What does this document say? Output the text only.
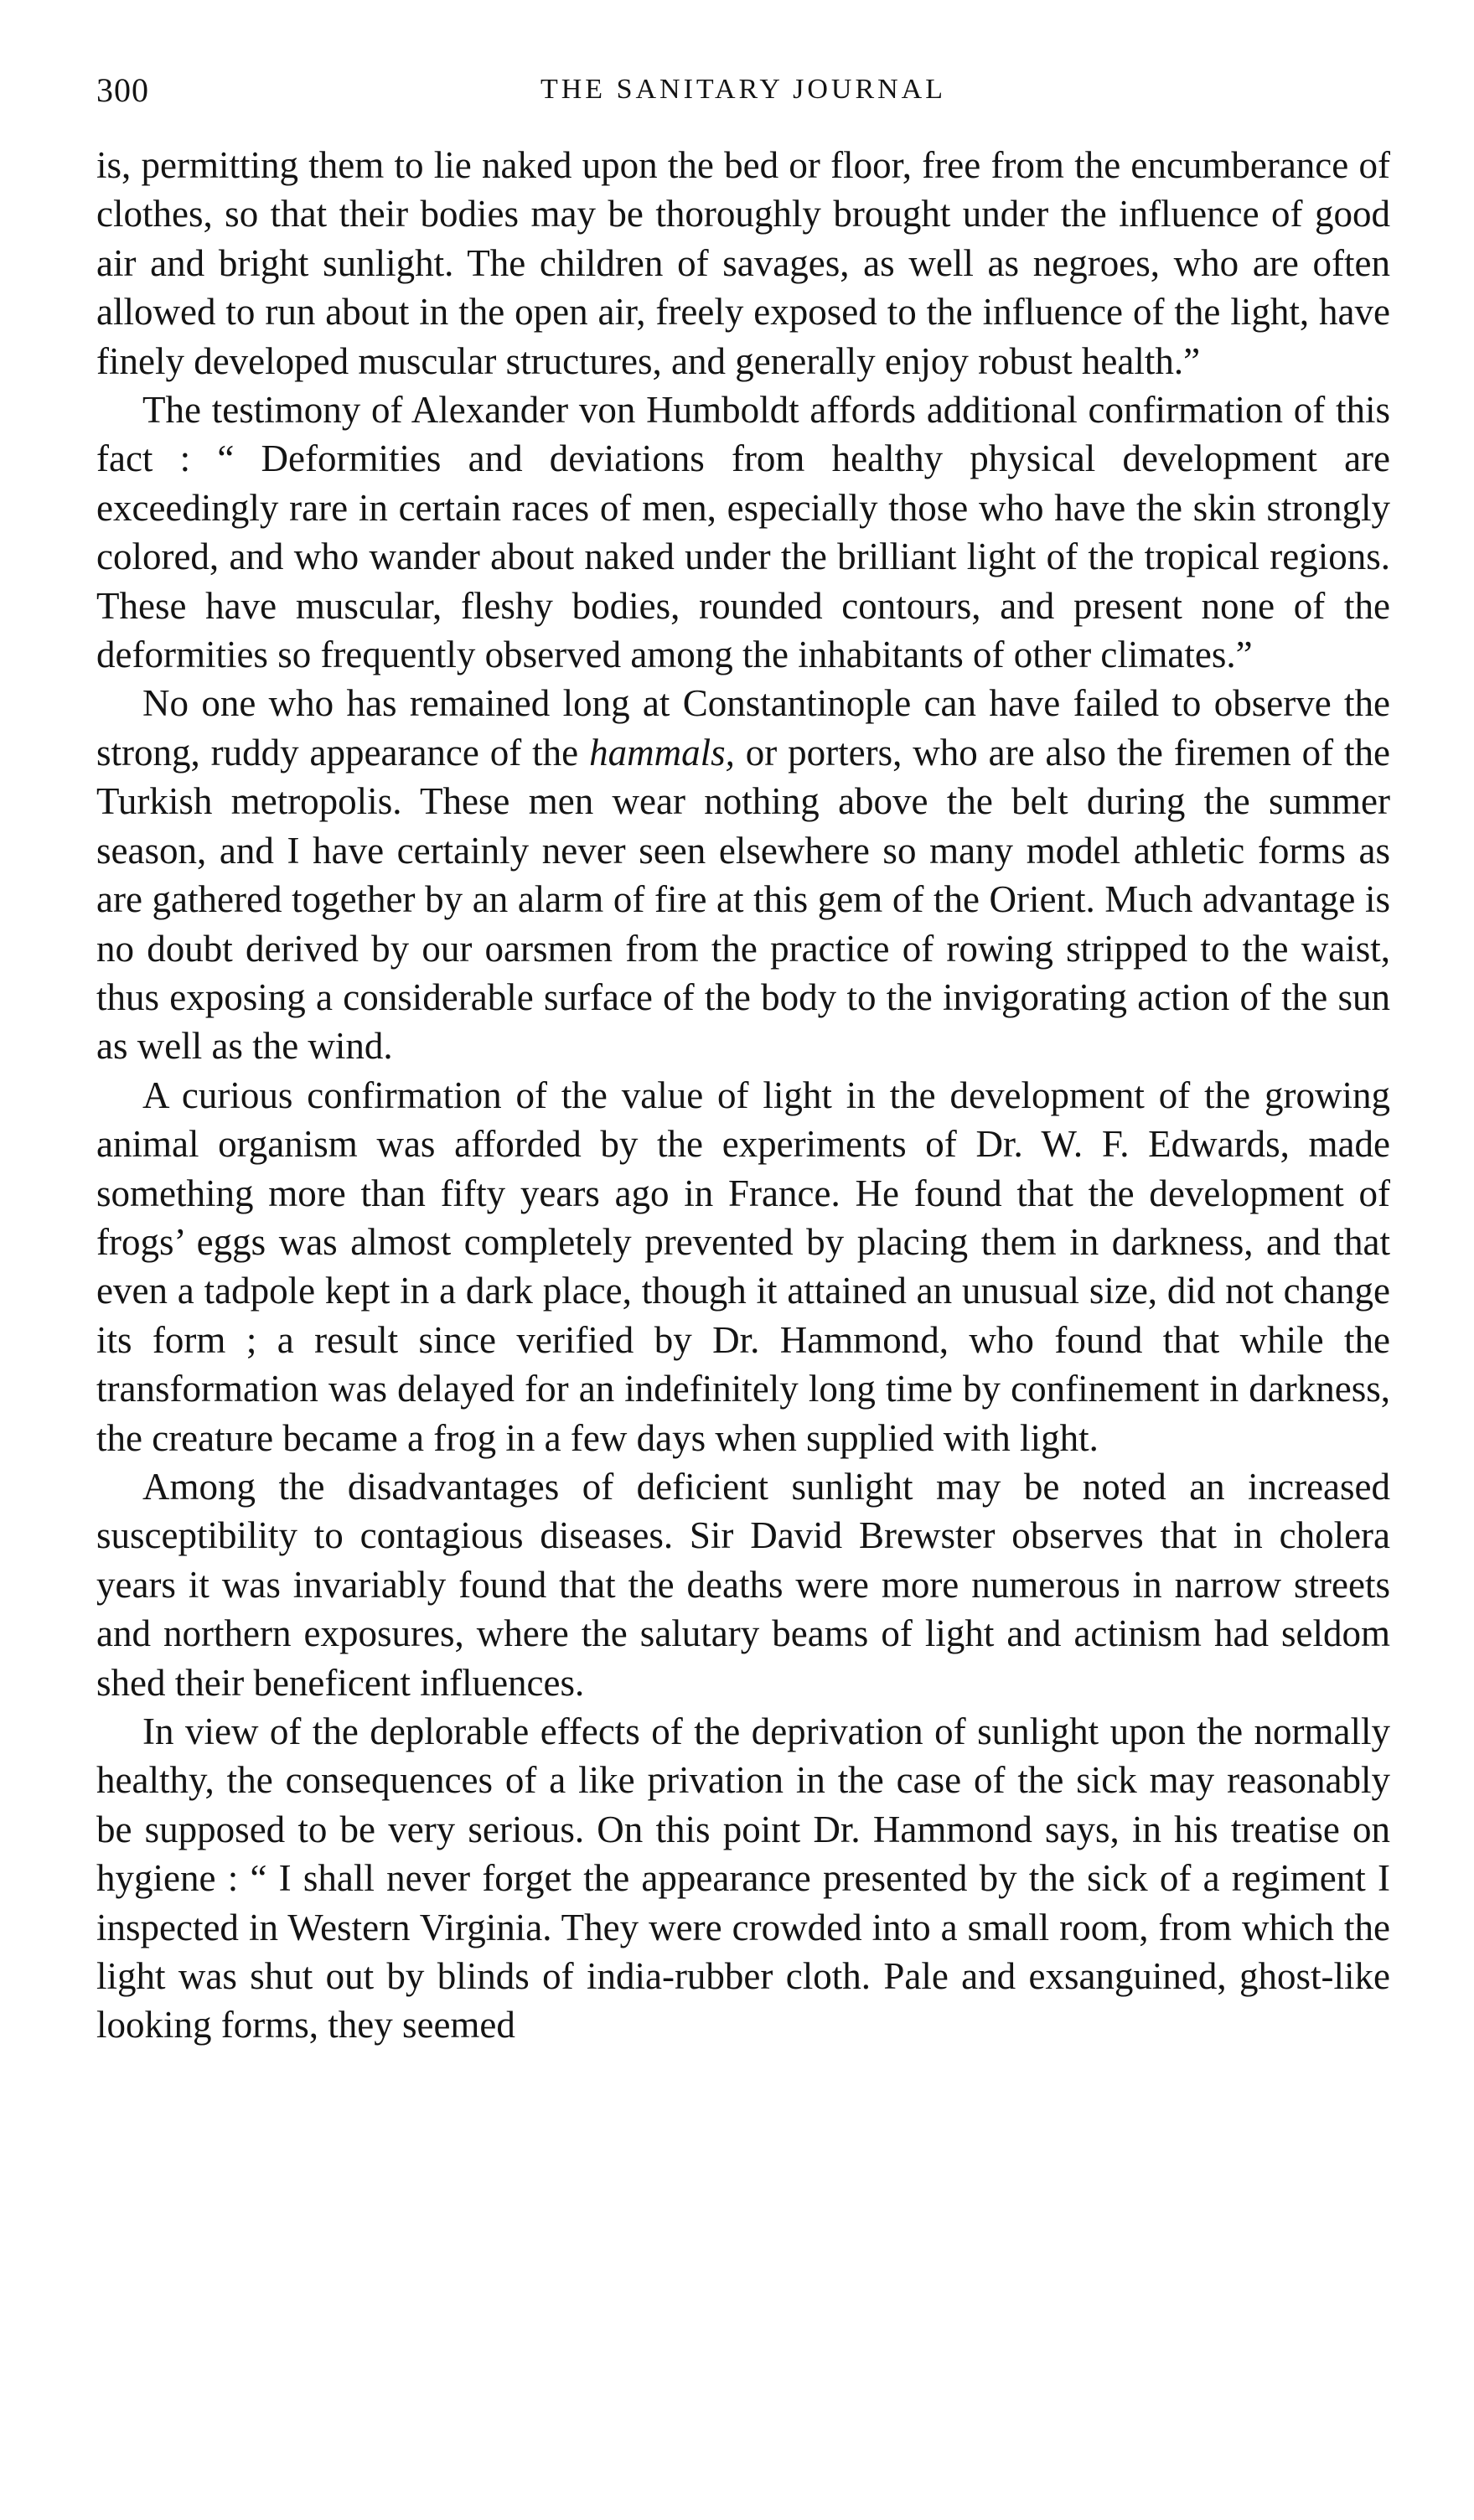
300	THE SANITARY JOURNAL

is, permitting them to lie naked upon the bed or floor, free from the encumberance of clothes, so that their bodies may be thoroughly brought under the influence of good air and bright sunlight. The children of savages, as well as negroes, who are often allowed to run about in the open air, freely exposed to the influence of the light, have finely developed muscular structures, and generally enjoy robust health.”

The testimony of Alexander von Humboldt affords additional confirmation of this fact : “ Deformities and deviations from healthy physical development are exceedingly rare in certain races of men, especially those who have the skin strongly colored, and who wander about naked under the brilliant light of the tropical regions. These have muscular, fleshy bodies, rounded contours, and present none of the deformities so frequently observed among the inhabitants of other climates.”

No one who has remained long at Constantinople can have failed to observe the strong, ruddy appearance of the hammals, or porters, who are also the firemen of the Turkish metropolis. These men wear nothing above the belt during the summer season, and I have certainly never seen elsewhere so many model athletic forms as are gathered together by an alarm of fire at this gem of the Orient. Much advantage is no doubt derived by our oarsmen from the practice of rowing stripped to the waist, thus exposing a considerable surface of the body to the invigorating action of the sun as well as the wind.

A curious confirmation of the value of light in the development of the growing animal organism was afforded by the experiments of Dr. W. F. Edwards, made something more than fifty years ago in France. He found that the development of frogs’ eggs was almost completely prevented by placing them in darkness, and that even a tadpole kept in a dark place, though it attained an unusual size, did not change its form ; a result since verified by Dr. Hammond, who found that while the transformation was delayed for an indefinitely long time by confinement in darkness, the creature became a frog in a few days when supplied with light.

Among the disadvantages of deficient sunlight may be noted an increased susceptibility to contagious diseases. Sir David Brewster observes that in cholera years it was invariably found that the deaths were more numerous in narrow streets and northern exposures, where the salutary beams of light and actinism had seldom shed their beneficent influences.

In view of the deplorable effects of the deprivation of sunlight upon the normally healthy, the consequences of a like privation in the case of the sick may reasonably be supposed to be very serious. On this point Dr. Hammond says, in his treatise on hygiene : “ I shall never forget the appearance presented by the sick of a regiment I inspected in Western Virginia. They were crowded into a small room, from which the light was shut out by blinds of india-rubber cloth. Pale and exsanguined, ghost-like looking forms, they seemed
